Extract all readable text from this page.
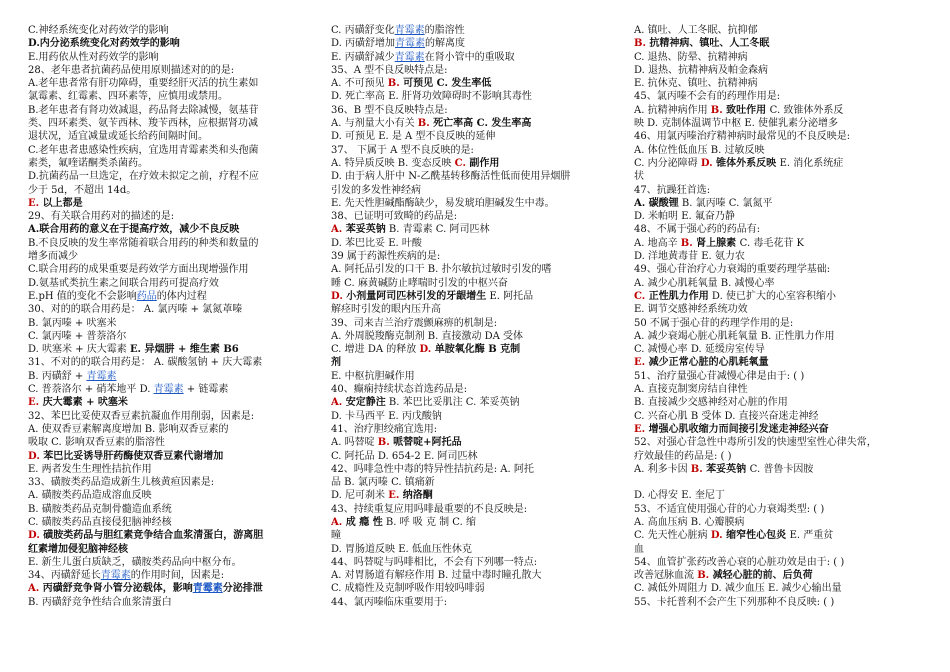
C.神经系统变化对药效学的影响
D.内分泌系统变化对药效学的影响
E.用药依从性对药效学的影响
28、老年患者抗菌药品使用原则描述对的的是:
A.老年患者常有肝功障碍，重要经肝灭活的抗生素如
氯霉素、红霉素、四环素等，应慎用或禁用。
B.老年患者有肾功效减退，药品肾去除减慢，氨基苷
类、四环素类、氨苄西林、羧苄西林，应根据肾功减
退状况，适宜减量或延长给药间隔时间。
C.老年患者患感染性疾病，宜选用青霉素类和头孢菌
素类，氟喹诺酮类杀菌药。
D.抗菌药品一旦选定，在疗效未拟定之前，疗程不应
少于 5d，不超出 14d。
E. 以上都是
29、有关联合用药对的描述的是:
A.联合用药的意义在于提高疗效，减少不良反映
B.不良反映的发生率常随着联合用药的种类和数量的
增多而减少
C.联合用药的成果重要是药效学方面出现增强作用
D.氨基甙类抗生素之间联合用药可提高疗效
E.pH 值的变化不会影响药品的体内过程
30、对的的联合用药是： A. 氯丙嗪 + 氯氮䓬嗪
B. 氯丙嗪 + 吠塞米
C. 氯丙嗪 + 普萘洛尔
D. 吠塞米 + 庆大霉素 E. 异烟肼 + 维生素 B6
31、不对的的联合用药是： A. 碳酸氢钠 + 庆大霉素
B. 丙磺舒 + 青霉素
C. 普萘洛尔 + 硝苯地平 D. 青霉素 + 链霉素
E. 庆大霉素 + 吠塞米
32、苯巴比妥使双香豆素抗凝血作用削弱，因素是:
A. 使双香豆素解离度增加 B. 影响双香豆素的
吸取 C. 影响双香豆素的脂溶性
D. 苯巴比妥诱导肝药酶使双香豆素代谢增加
E. 两者发生生理性拮抗作用
33、磺胺类药品造成新生儿核黄疸因素是:
A. 磺胺类药品造成溶血反映
B. 磺胺类药品克制骨髓造血系统
C. 磺胺类药品直接侵犯脑神经核
D. 磺胺类药品与胆红素竞争结合血浆清蛋白，游离胆
红素增加侵犯脑神经核
E. 新生儿蛋白质缺乏，磺胺类药品向中枢分布。
34、丙磺舒延长青霉素的作用时间，因素是:
A. 丙磺舒竞争肾小管分泌载体，影响青霉素分泌排泄
B. 丙磺舒竞争性结合血浆清蛋白
C. 丙磺舒变化青霉素的脂溶性
D. 丙磺舒增加青霉素的解离度
E. 丙磺舒减少青霉素在肾小管中的重吸取
35、A 型不良反映特点是:
A. 不可预见 B. 可预见 C. 发生率低
D. 死亡率高 E. 肝肾功效障碍时不影响其毒性
36、B 型不良反映特点是:
A. 与剂量大小有关 B. 死亡率高 C. 发生率高
D. 可预见 E. 是 A 型不良反映的延伸
37、 下属于 A 型不良反映的是:
A. 特异质反映 B. 变态反映 C. 副作用
D. 由于病人肝中 N-乙酰基转移酶活性低而使用异烟肼
引发的多发性神经病
E. 先天性胆碱酯酶缺少，易发琥珀胆碱发生中毒。
38、已证明可致畸的药品是:
A. 苯妥英钠 B. 青霉素 C. 阿司匹林
D. 苯巴比妥 E. 叶酸
39 属于药源性疾病的是:
A. 阿托品引发的口干 B. 扑尔敏抗过敏时引发的嗜
睡 C. 麻黄碱防止哮喘时引发的中枢兴奋
D. 小剂量阿司匹林引发的牙龈增生 E. 阿托品
解痉时引发的眼内压升高
39、司来吉兰治疗震颤麻痹的机制是:
A. 外周脱羧酶克制剂 B. 直接激动 DA 受体
C. 增进 DA 的释放 D. 单胺氧化酶 B 克制
剂
E. 中枢抗胆碱作用
40、癫痫持续状态首选药品是:
A. 安定静注 B. 苯巴比妥肌注 C. 苯妥英钠
D. 卡马西平 E. 丙戊酸钠
41、治疗胆绞痛宜选用:
A. 吗替啶 B. 哌替啶+阿托品
C. 阿托品 D. 654-2 E. 阿司匹林
42、吗啡急性中毒的特异性拮抗药是: A. 阿托
品 B. 氯丙嗪 C. 镇痛新
D. 尼可刹米 E. 纳洛酮
43、持续重复应用吗啡最重要的不良反映是:
A. 成 瘾 性 B. 呼 吸 克 制 C. 缩
瞳
D. 胃肠道反映 E. 低血压性休克
44、吗替啶与吗啡相比，不会有下列哪一特点:
A. 对胃肠道有解痉作用 B. 过量中毒时瞳孔散大
C. 成瘾性及克制呼吸作用较吗啡弱
44、氯丙嗪临床重要用于:
A. 镇吐、人工冬眠、抗抑郁
B. 抗精神病、镇吐、人工冬眠
C. 退热、防晕、抗精神病
D. 退热、抗精神病及帕金森病
E. 抗休克、镇吐、抗精神病
45、氯丙嗪不会有的药理作用是:
A. 抗精神病作用 B. 致吐作用 C. 致锥体外系反
映 D. 克制体温调节中枢 E. 使催乳素分泌增多
46、用氯丙嗪治疗精神病时最常见的不良反映是:
A. 体位性低血压 B. 过敏反映
C. 内分泌障碍 D. 锥体外系反映 E. 消化系统症
状
47、抗躁狂首选:
A. 碳酸锂 B. 氯丙嗪 C. 氯氮平
D. 米帕明 E. 氟奋乃静
48、不属于强心药的药品有:
A. 地高辛 B. 肾上腺素 C. 毒毛花苷 K
D. 洋地黄毒苷 E. 氨力农
49、强心苷治疗心力衰竭的重要药理学基础:
A. 减少心肌耗氧量 B. 减慢心率
C. 正性肌力作用 D. 使已扩大的心室容积缩小
E. 调节交感神经系统功效
50 不属于强心苷的药理学作用的是:
A. 减少衰竭心脏心肌耗氧量 B. 正性肌力作用
C. 减慢心率 D. 延缓房室传导
E. 减少正常心脏的心肌耗氧量
51、治疗量强心苷减慢心律是由于: ( )
A. 直接克制窦房结自律性
B. 直接减少交感神经对心脏的作用
C. 兴奋心肌 B 受体 D. 直接兴奋迷走神经
E. 增强心肌收缩力而间接引发迷走神经兴奋
52、对强心苷急性中毒所引发的快速型室性心律失常，
疗效最佳的药品是: ( )
A. 利多卡因 B. 苯妥英钠 C. 普鲁卡因胺

D. 心得安 E. 奎尼丁
53、不适宜使用强心苷的心力衰竭类型: ( )
A. 高血压病 B. 心瓣膜病
C. 先天性心脏病 D. 缩窄性心包炎 E. 严重贫
血
54、血管扩张药改善心衰的心脏功效是由于: ( )
改善冠脉血流 B. 减轻心脏的前、后负荷
C. 减低外周阻力 D. 减少血压 E. 减少心输出量
55、卡托普利不会产生下列那种不良反映: ( )
